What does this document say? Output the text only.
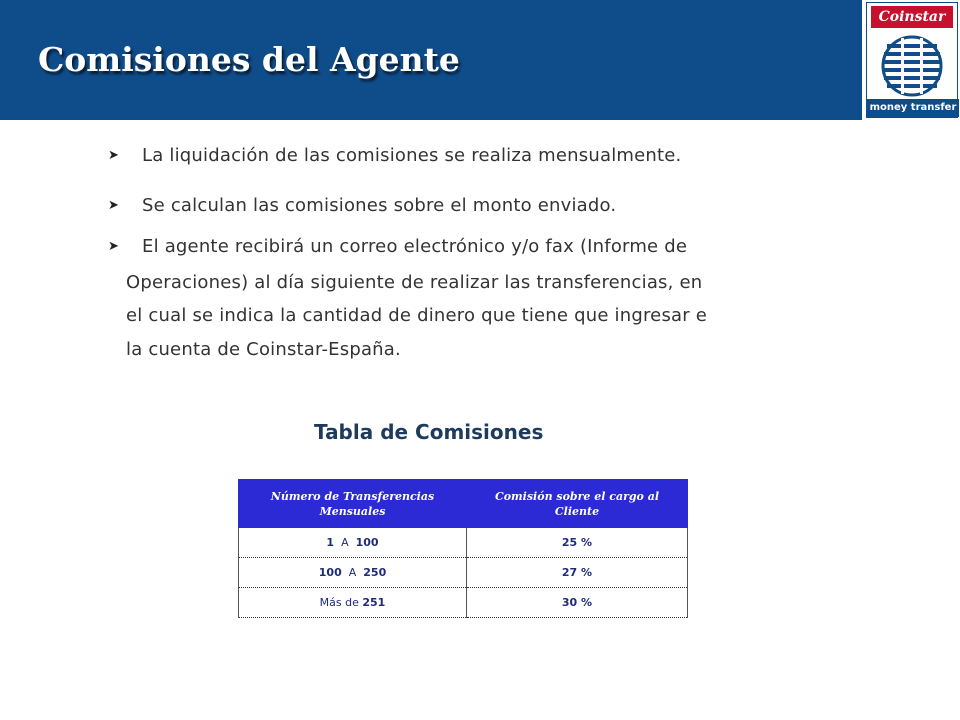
Comisiones del Agente
Coinstar
money transfer
➤ La liquidación de las comisiones se realiza mensualmente.
➤ Se calculan las comisiones sobre el monto enviado.
➤ El agente recibirá un correo electrónico y/o fax (Informe de
Operaciones) al día siguiente de realizar las transferencias, en
el cual se indica la cantidad de dinero que tiene que ingresar e
la cuenta de Coinstar-España.
Tabla de Comisiones
Número de Transferencias
Mensuales	Comisión sobre el cargo al
Cliente
1 A 100	25 %
100 A 250	27 %
Más de 251	30 %
